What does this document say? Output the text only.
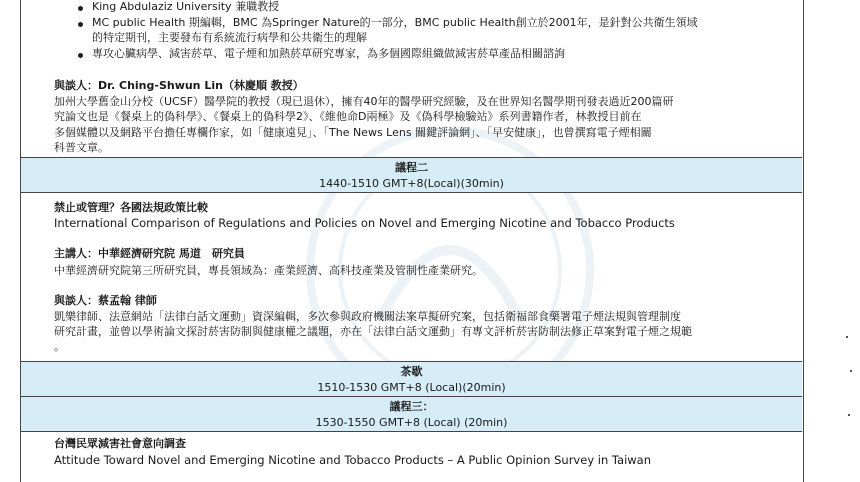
King Abdulaziz University 兼職教授
MC public Health 期編輯，BMC 為Springer Nature的一部分，BMC public Health創立於2001年，是針對公共衛生領域
的特定期刊，主要發布有系統流行病學和公共衛生的理解
專攻心臟病學、減害菸草、電子煙和加熱菸草研究專家，為多個國際組織做減害菸草產品相關諮詢
與談人：Dr. Ching-Shwun Lin（林慶順 教授）
加州大學舊金山分校（UCSF）醫學院的教授（現已退休），擁有40年的醫學研究經驗，及在世界知名醫學期刊發表過近200篇研
究論文也是《餐桌上的偽科學》、《餐桌上的偽科學2》、《維他命D兩極》及《偽科學檢驗站》系列書籍作者，林教授目前在
多個媒體以及網路平台擔任專欄作家，如「健康遠見」、「The News Lens 關鍵評論網」、「早安健康」，也曾撰寫電子煙相關
科普文章。
議程二
1440-1510 GMT+8(Local)(30min)
禁止或管理？各國法規政策比較
International Comparison of Regulations and Policies on Novel and Emerging Nicotine and Tobacco Products
主講人：中華經濟研究院 馬道　研究員
中華經濟研究院第三所研究員，專長領域為：產業經濟、高科技產業及管制性產業研究。
與談人：蔡孟翰 律師
凱樂律師、法意網站「法律白話文運動」資深編輯，多次參與政府機關法案草擬研究案，包括衛福部食藥署電子煙法規與管理制度
研究計畫，並曾以學術論文探討菸害防制與健康權之議題，亦在「法律白話文運動」有專文評析菸害防制法修正草案對電子煙之規範
。
茶歇
1510-1530 GMT+8 (Local)(20min)
議程三：
1530-1550 GMT+8 (Local) (20min)
台灣民眾減害社會意向調查
Attitude Toward Novel and Emerging Nicotine and Tobacco Products – A Public Opinion Survey in Taiwan
